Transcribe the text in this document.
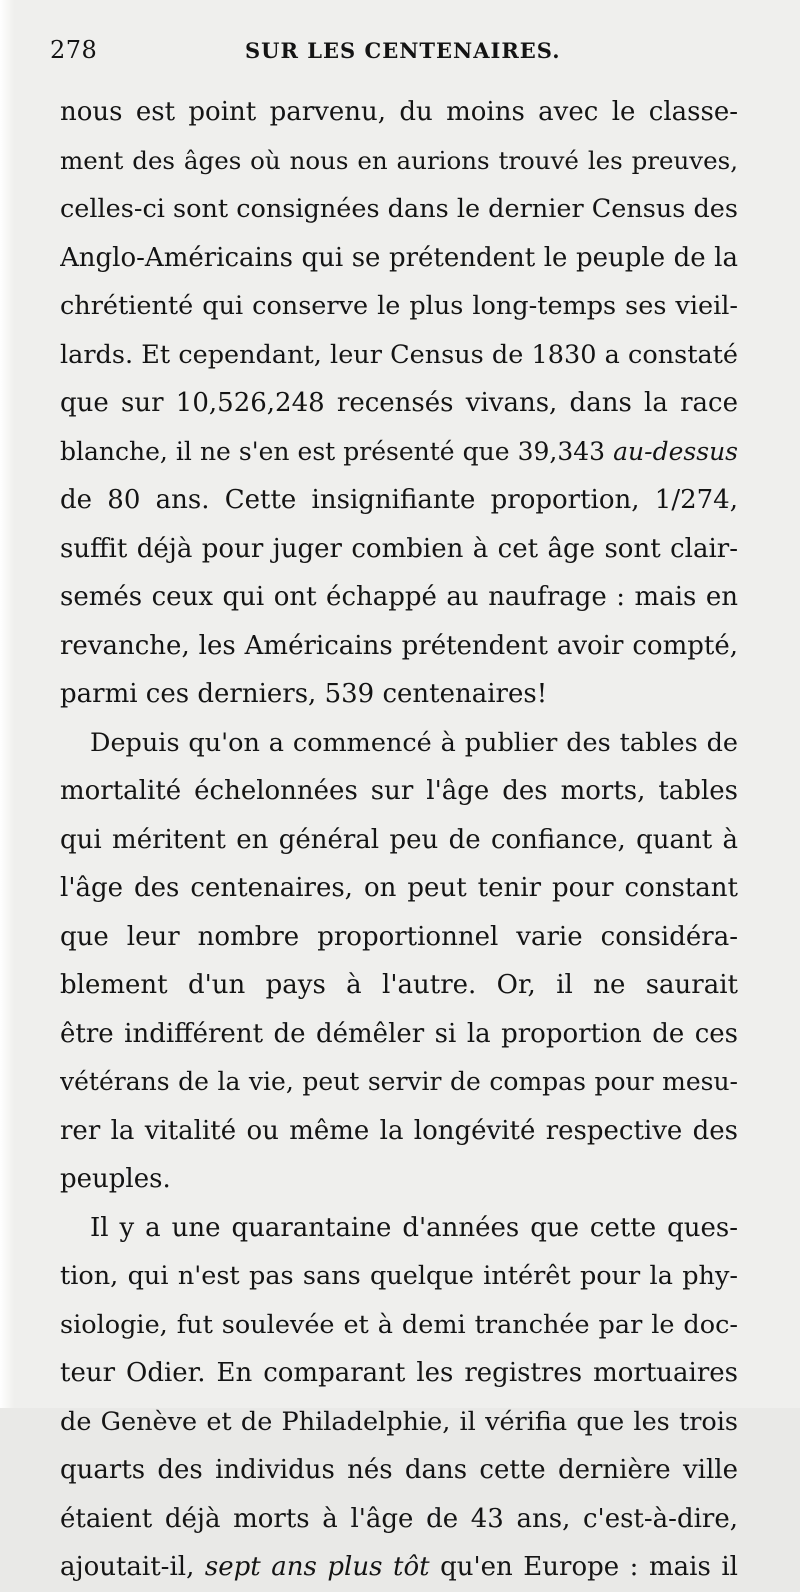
278	SUR LES CENTENAIRES.
nous est point parvenu, du moins avec le classe-
ment des âges où nous en aurions trouvé les preuves,
celles-ci sont consignées dans le dernier Census des
Anglo-Américains qui se prétendent le peuple de la
chrétienté qui conserve le plus long-temps ses vieil-
lards. Et cependant, leur Census de 1830 a constaté
que sur 10,526,248 recensés vivans, dans la race
blanche, il ne s'en est présenté que 39,343 au-dessus
de 80 ans. Cette insignifiante proportion, 1/274,
suffit déjà pour juger combien à cet âge sont clair-
semés ceux qui ont échappé au naufrage : mais en
revanche, les Américains prétendent avoir compté,
parmi ces derniers, 539 centenaires!
Depuis qu'on a commencé à publier des tables de
mortalité échelonnées sur l'âge des morts, tables
qui méritent en général peu de confiance, quant à
l'âge des centenaires, on peut tenir pour constant
que leur nombre proportionnel varie considéra-
blement d'un pays à l'autre. Or, il ne saurait
être indifférent de démêler si la proportion de ces
vétérans de la vie, peut servir de compas pour mesu-
rer la vitalité ou même la longévité respective des
peuples.
Il y a une quarantaine d'années que cette ques-
tion, qui n'est pas sans quelque intérêt pour la phy-
siologie, fut soulevée et à demi tranchée par le doc-
teur Odier. En comparant les registres mortuaires
de Genève et de Philadelphie, il vérifia que les trois
quarts des individus nés dans cette dernière ville
étaient déjà morts à l'âge de 43 ans, c'est-à-dire,
ajoutait-il, sept ans plus tôt qu'en Europe : mais il
